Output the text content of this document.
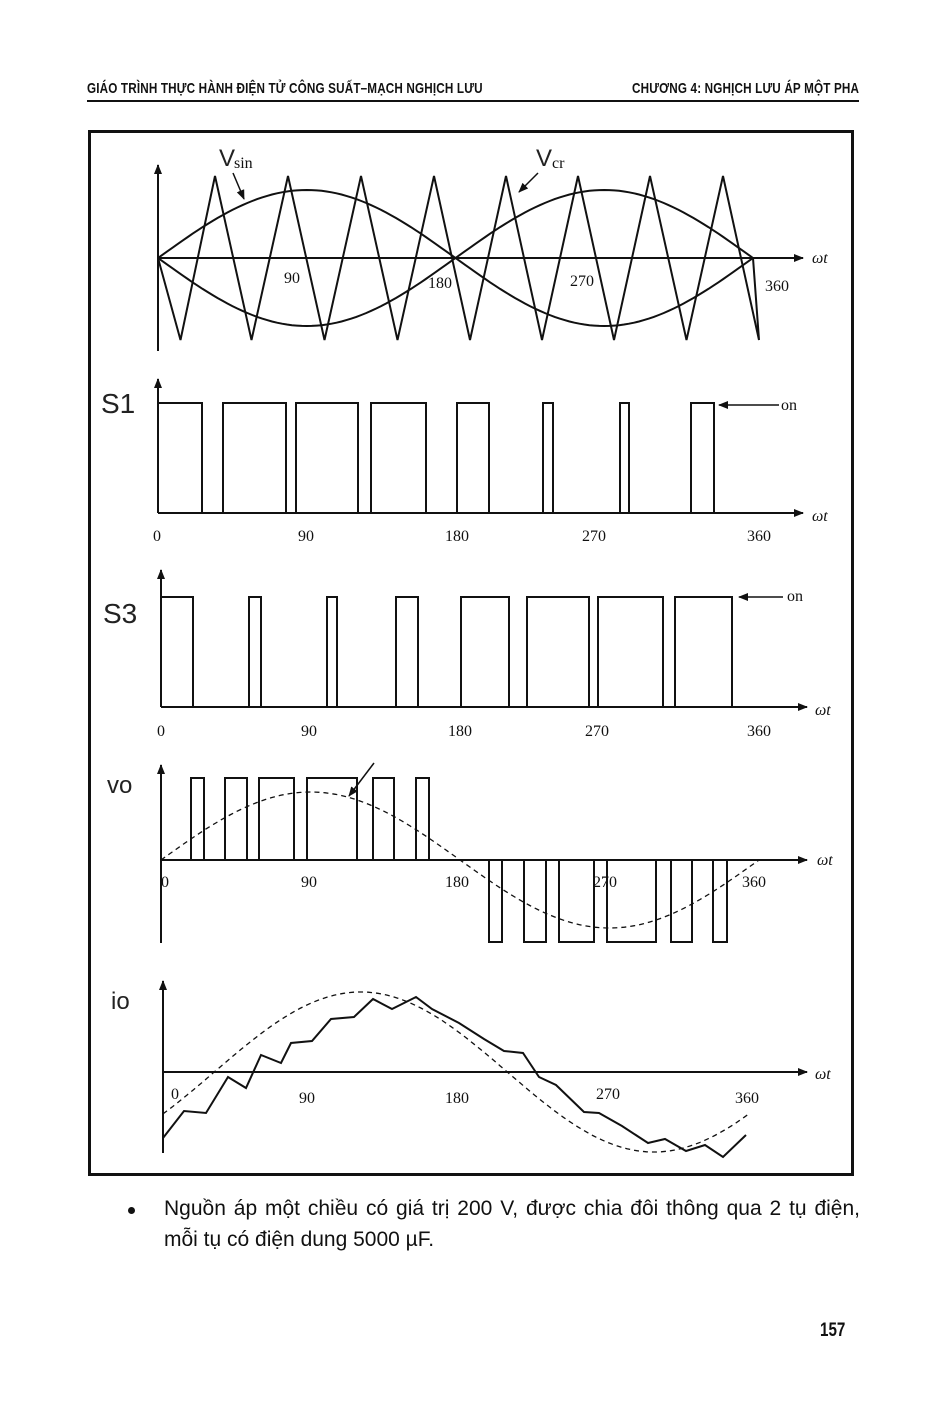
GIÁO TRÌNH THỰC HÀNH ĐIỆN TỬ CÔNG SUẤT–MẠCH NGHỊCH LƯU	CHƯƠNG 4: NGHỊCH LƯU ÁP MỘT PHA
V
sin	V cr
ωt
90	180	270	360
S1	on
ωt
0	90	180	270	360
S3
on
ωt
0	90	180	270	360
vo
ωt
0	90	180	270	360
io
ωt
0	90	180	270	360
Nguồn áp một chiều có giá trị 200 V, được chia đôi thông qua 2 tụ điện, mỗi tụ có điện dung 5000 µF.
157
